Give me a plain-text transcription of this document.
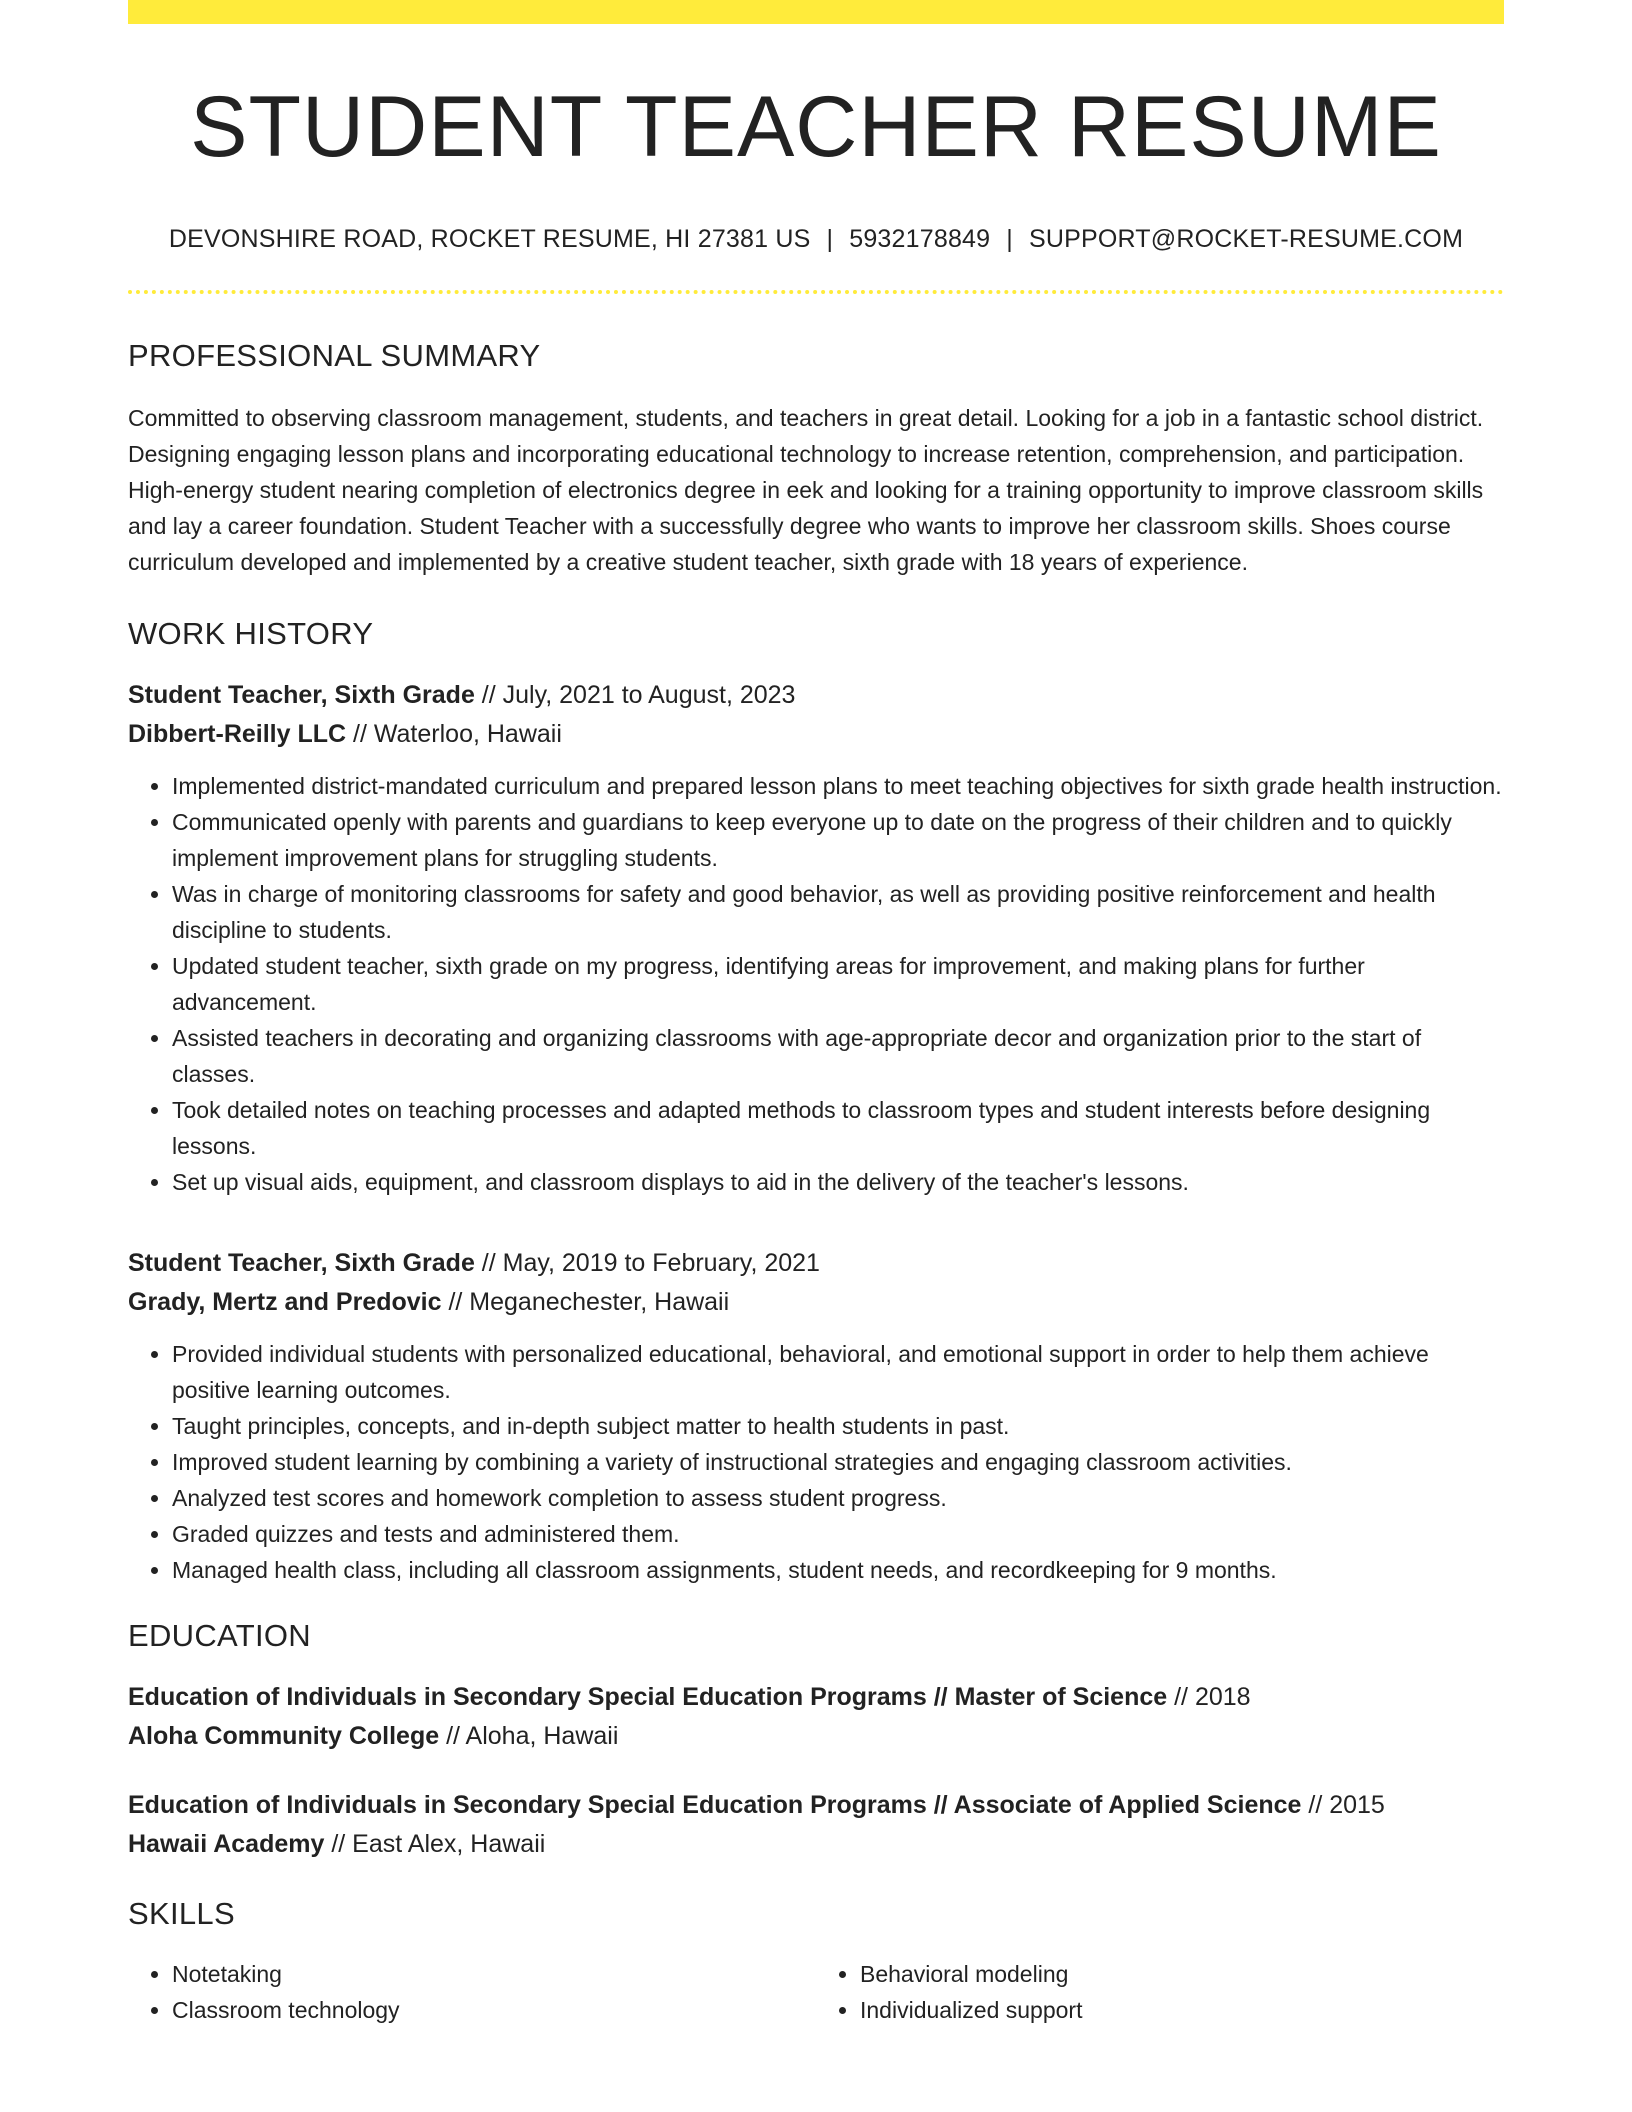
STUDENT TEACHER RESUME
DEVONSHIRE ROAD, ROCKET RESUME, HI 27381 US | 5932178849 | SUPPORT@ROCKET-RESUME.COM
PROFESSIONAL SUMMARY

Committed to observing classroom management, students, and teachers in great detail. Looking for a job in a fantastic school district. Designing engaging lesson plans and incorporating educational technology to increase retention, comprehension, and participation. High-energy student nearing completion of electronics degree in eek and looking for a training opportunity to improve classroom skills and lay a career foundation. Student Teacher with a successfully degree who wants to improve her classroom skills. Shoes course curriculum developed and implemented by a creative student teacher, sixth grade with 18 years of experience.

WORK HISTORY
Student Teacher, Sixth Grade // July, 2021 to August, 2023
Dibbert-Reilly LLC // Waterloo, Hawaii
• Implemented district-mandated curriculum and prepared lesson plans to meet teaching objectives for sixth grade health instruction.
• Communicated openly with parents and guardians to keep everyone up to date on the progress of their children and to quickly implement improvement plans for struggling students.
• Was in charge of monitoring classrooms for safety and good behavior, as well as providing positive reinforcement and health discipline to students.
• Updated student teacher, sixth grade on my progress, identifying areas for improvement, and making plans for further advancement.
• Assisted teachers in decorating and organizing classrooms with age-appropriate decor and organization prior to the start of classes.
• Took detailed notes on teaching processes and adapted methods to classroom types and student interests before designing lessons.
• Set up visual aids, equipment, and classroom displays to aid in the delivery of the teacher's lessons.
Student Teacher, Sixth Grade // May, 2019 to February, 2021
Grady, Mertz and Predovic // Meganechester, Hawaii
• Provided individual students with personalized educational, behavioral, and emotional support in order to help them achieve positive learning outcomes.
• Taught principles, concepts, and in-depth subject matter to health students in past.
• Improved student learning by combining a variety of instructional strategies and engaging classroom activities.
• Analyzed test scores and homework completion to assess student progress.
• Graded quizzes and tests and administered them.
• Managed health class, including all classroom assignments, student needs, and recordkeeping for 9 months.
EDUCATION
Education of Individuals in Secondary Special Education Programs // Master of Science // 2018
Aloha Community College // Aloha, Hawaii
Education of Individuals in Secondary Special Education Programs // Associate of Applied Science // 2015
Hawaii Academy // East Alex, Hawaii
SKILLS
• Notetaking
• Classroom technology
• Behavioral modeling
• Individualized support
